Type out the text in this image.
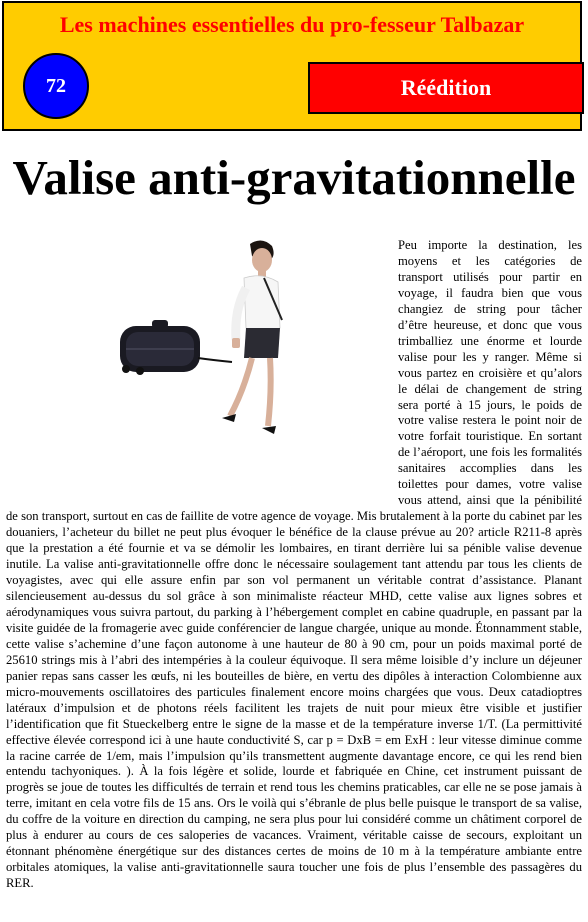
Les machines essentielles du pro-fesseur Talbazar
72	Réédition
Valise anti-gravitationnelle

Peu importe la destination, les moyens et les catégories de transport utilisés pour partir en voyage, il faudra bien que vous changiez de string pour tâcher d’être heureuse, et donc que vous trimballiez une énorme et lourde valise pour les y ranger. Même si vous partez en croisière et qu’alors le délai de changement de string sera porté à 15 jours, le poids de votre valise restera le point noir de votre forfait touristique. En sortant de l’aéroport, une fois les formalités sanitaires accomplies dans les toilettes pour dames, votre valise vous attend, ainsi que la pénibilité de son transport, surtout en cas de faillite de votre agence de voyage. Mis brutalement à la porte du cabinet par les douaniers, l’acheteur du billet ne peut plus évoquer le bénéfice de la clause prévue au 20? article R211-8 après que la prestation a été fournie et va se démolir les lombaires, en tirant derrière lui sa pénible valise devenue inutile. La valise anti-gravitationnelle offre donc le nécessaire soulagement tant attendu par tous les clients de voyagistes, avec qui elle assure enfin par son vol permanent un véritable contrat d’assistance. Planant silencieusement au-dessus du sol grâce à son minimaliste réacteur MHD, cette valise aux lignes sobres et aérodynamiques vous suivra partout, du parking à l’hébergement complet en cabine quadruple, en passant par la visite guidée de la fromagerie avec guide conférencier de langue chargée, unique au monde. Étonnamment stable, cette valise s’achemine d’une façon autonome à une hauteur de 80 à 90 cm, pour un poids maximal porté de 25610 strings mis à l’abri des intempéries à la couleur équivoque. Il sera même loisible d’y inclure un déjeuner panier repas sans casser les œufs, ni les bouteilles de bière, en vertu des dipôles à interaction Colombienne aux micro-mouvements oscillatoires des particules finalement encore moins chargées que vous. Deux catadioptres latéraux d’impulsion et de photons réels facilitent les trajets de nuit pour mieux être visible et justifier l’identification que fit Stueckelberg entre le signe de la masse et de la température inverse 1/T. (La permittivité effective élevée correspond ici à une haute conductivité S, car p = DxB = em ExH : leur vitesse diminue comme la racine carrée de 1/em, mais l’impulsion qu’ils transmettent augmente davantage encore, ce qui les rend bien entendu tachyoniques. ). À la fois légère et solide, lourde et fabriquée en Chine, cet instrument puissant de progrès se joue de toutes les difficultés de terrain et rend tous les chemins praticables, car elle ne se pose jamais à terre, imitant en cela votre fils de 15 ans. Ors le voilà qui s’ébranle de plus belle puisque le transport de sa valise, du coffre de la voiture en direction du camping, ne sera plus pour lui considéré comme un châtiment corporel de plus à endurer au cours de ces saloperies de vacances. Vraiment, véritable caisse de secours, exploitant un étonnant phénomène énergétique sur des distances certes de moins de 10 m à la température ambiante entre orbitales atomiques, la valise anti-gravitationnelle saura toucher une fois de plus l’ensemble des passagères du RER.
